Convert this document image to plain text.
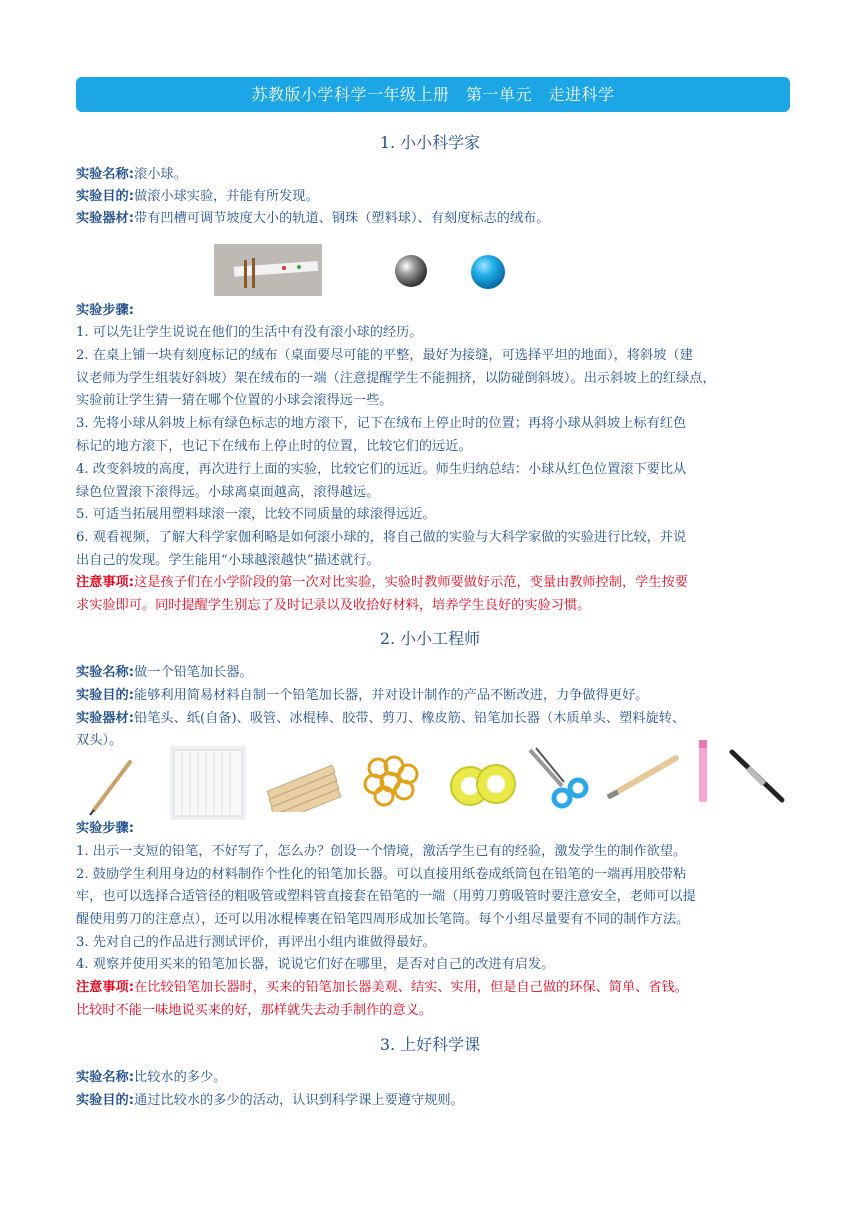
苏教版小学科学一年级上册　第一单元　走进科学
1. 小小科学家
实验名称:滚小球。
实验目的:做滚小球实验，并能有所发现。
实验器材:带有凹槽可调节坡度大小的轨道、钢珠（塑料球）、有刻度标志的绒布。
实验步骤:
1. 可以先让学生说说在他们的生活中有没有滚小球的经历。
2. 在桌上铺一块有刻度标记的绒布（桌面要尽可能的平整，最好为接缝，可选择平坦的地面），将斜坡（建
议老师为学生组装好斜坡）架在绒布的一端（注意提醒学生不能拥挤，以防碰倒斜坡）。出示斜坡上的红绿点，
实验前让学生猜一猜在哪个位置的小球会滚得远一些。
3. 先将小球从斜坡上标有绿色标志的地方滚下，记下在绒布上停止时的位置；再将小球从斜坡上标有红色
标记的地方滚下，也记下在绒布上停止时的位置，比较它们的远近。
4. 改变斜坡的高度，再次进行上面的实验，比较它们的远近。师生归纳总结：小球从红色位置滚下要比从
绿色位置滚下滚得远。小球离桌面越高，滚得越远。
5. 可适当拓展用塑料球滚一滚，比较不同质量的球滚得远近。
6. 观看视频，了解大科学家伽利略是如何滚小球的，将自己做的实验与大科学家做的实验进行比较，并说
出自己的发现。学生能用“小球越滚越快”描述就行。
注意事项:这是孩子们在小学阶段的第一次对比实验，实验时教师要做好示范，变量由教师控制，学生按要
求实验即可。同时提醒学生别忘了及时记录以及收拾好材料，培养学生良好的实验习惯。
2. 小小工程师
实验名称:做一个铅笔加长器。
实验目的:能够利用简易材料自制一个铅笔加长器，并对设计制作的产品不断改进，力争做得更好。
实验器材:铅笔头、纸(自备)、吸管、冰棍棒、胶带、剪刀、橡皮筋、铅笔加长器（木质单头、塑料旋转、
双头）。
实验步骤:
1. 出示一支短的铅笔，不好写了，怎么办？创设一个情境，激活学生已有的经验，激发学生的制作欲望。
2. 鼓励学生利用身边的材料制作个性化的铅笔加长器。可以直接用纸卷成纸筒包在铅笔的一端再用胶带粘
牢，也可以选择合适管径的粗吸管或塑料管直接套在铅笔的一端（用剪刀剪吸管时要注意安全，老师可以提
醒使用剪刀的注意点），还可以用冰棍棒裹在铅笔四周形成加长笔筒。每个小组尽量要有不同的制作方法。
3. 先对自己的作品进行测试评价，再评出小组内谁做得最好。
4. 观察并使用买来的铅笔加长器，说说它们好在哪里，是否对自己的改进有启发。
注意事项:在比较铅笔加长器时，买来的铅笔加长器美观、结实、实用，但是自己做的环保、简单、省钱。
比较时不能一味地说买来的好，那样就失去动手制作的意义。
3. 上好科学课
实验名称:比较水的多少。
实验目的:通过比较水的多少的活动，认识到科学课上要遵守规则。
